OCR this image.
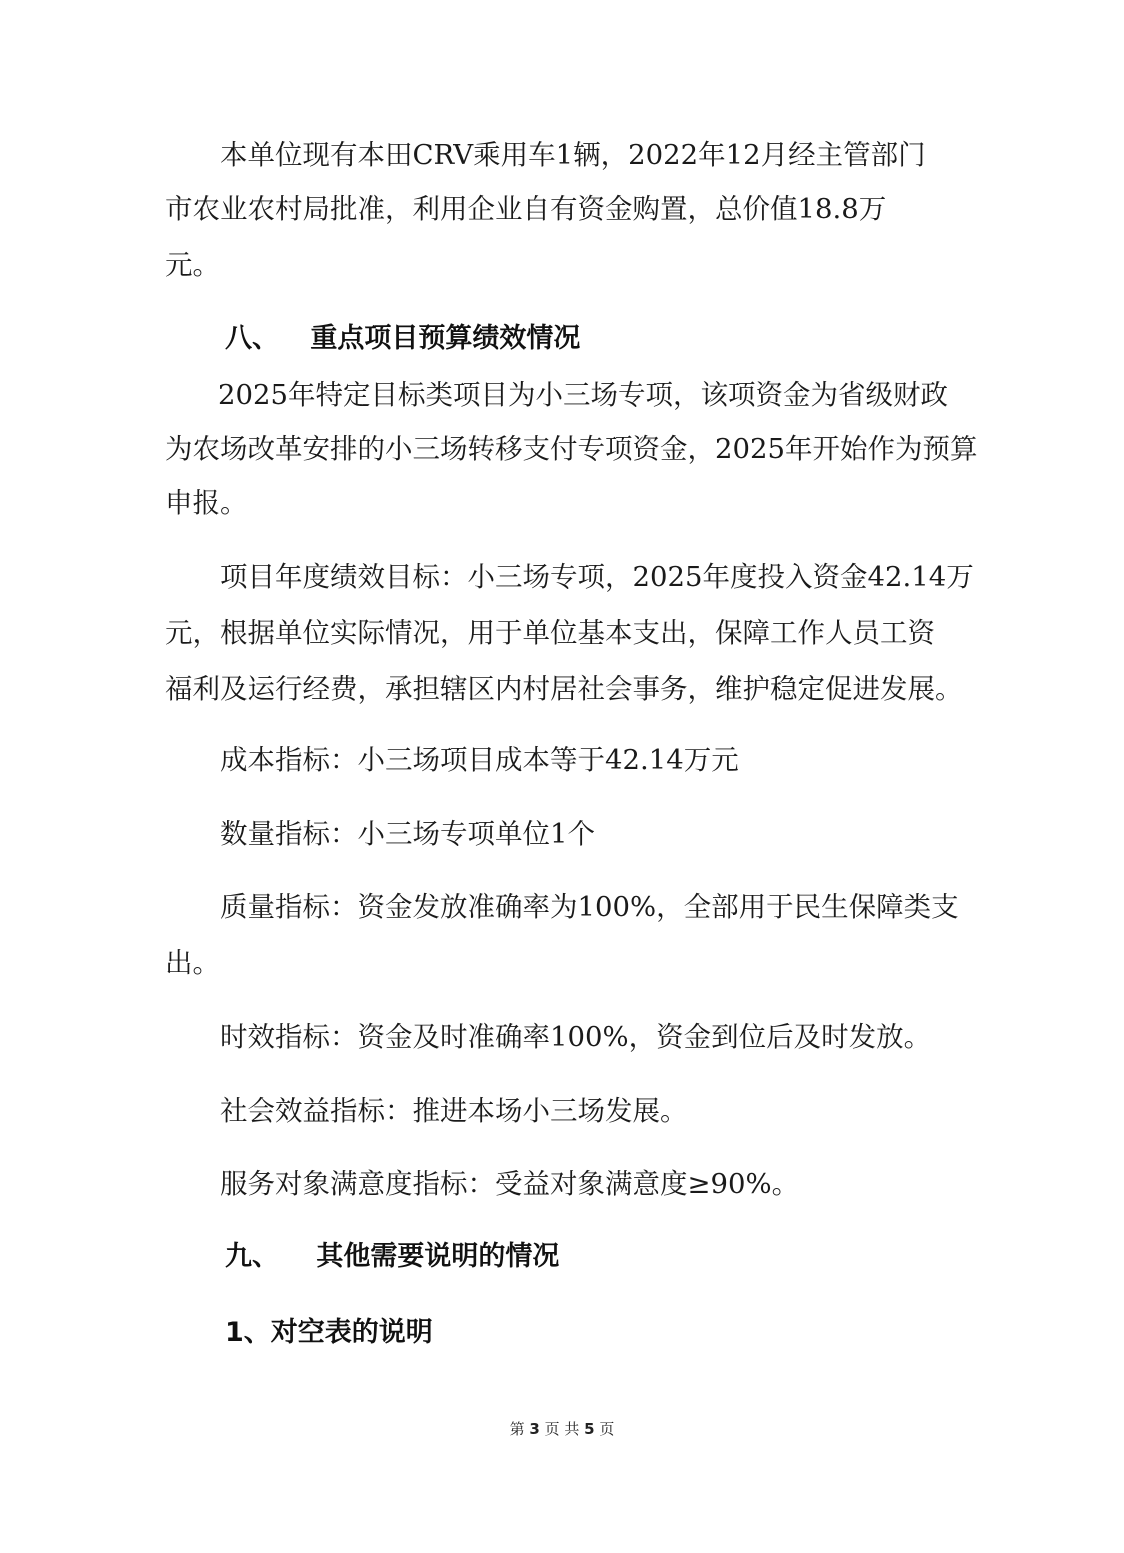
本单位现有本田CRV乘用车1辆，2022年12月经主管部门
市农业农村局批准，利用企业自有资金购置，总价值18.8万
元。
八、 重点项目预算绩效情况
2025年特定目标类项目为小三场专项，该项资金为省级财政
为农场改革安排的小三场转移支付专项资金，2025年开始作为预算
申报。
项目年度绩效目标：小三场专项，2025年度投入资金42.14万
元，根据单位实际情况，用于单位基本支出，保障工作人员工资
福利及运行经费，承担辖区内村居社会事务，维护稳定促进发展。
成本指标：小三场项目成本等于42.14万元
数量指标：小三场专项单位1个
质量指标：资金发放准确率为100%，全部用于民生保障类支
出。
时效指标：资金及时准确率100%，资金到位后及时发放。
社会效益指标：推进本场小三场发展。
服务对象满意度指标：受益对象满意度≥90%。
九、 其他需要说明的情况
1、对空表的说明
第 3 页 共 5 页
